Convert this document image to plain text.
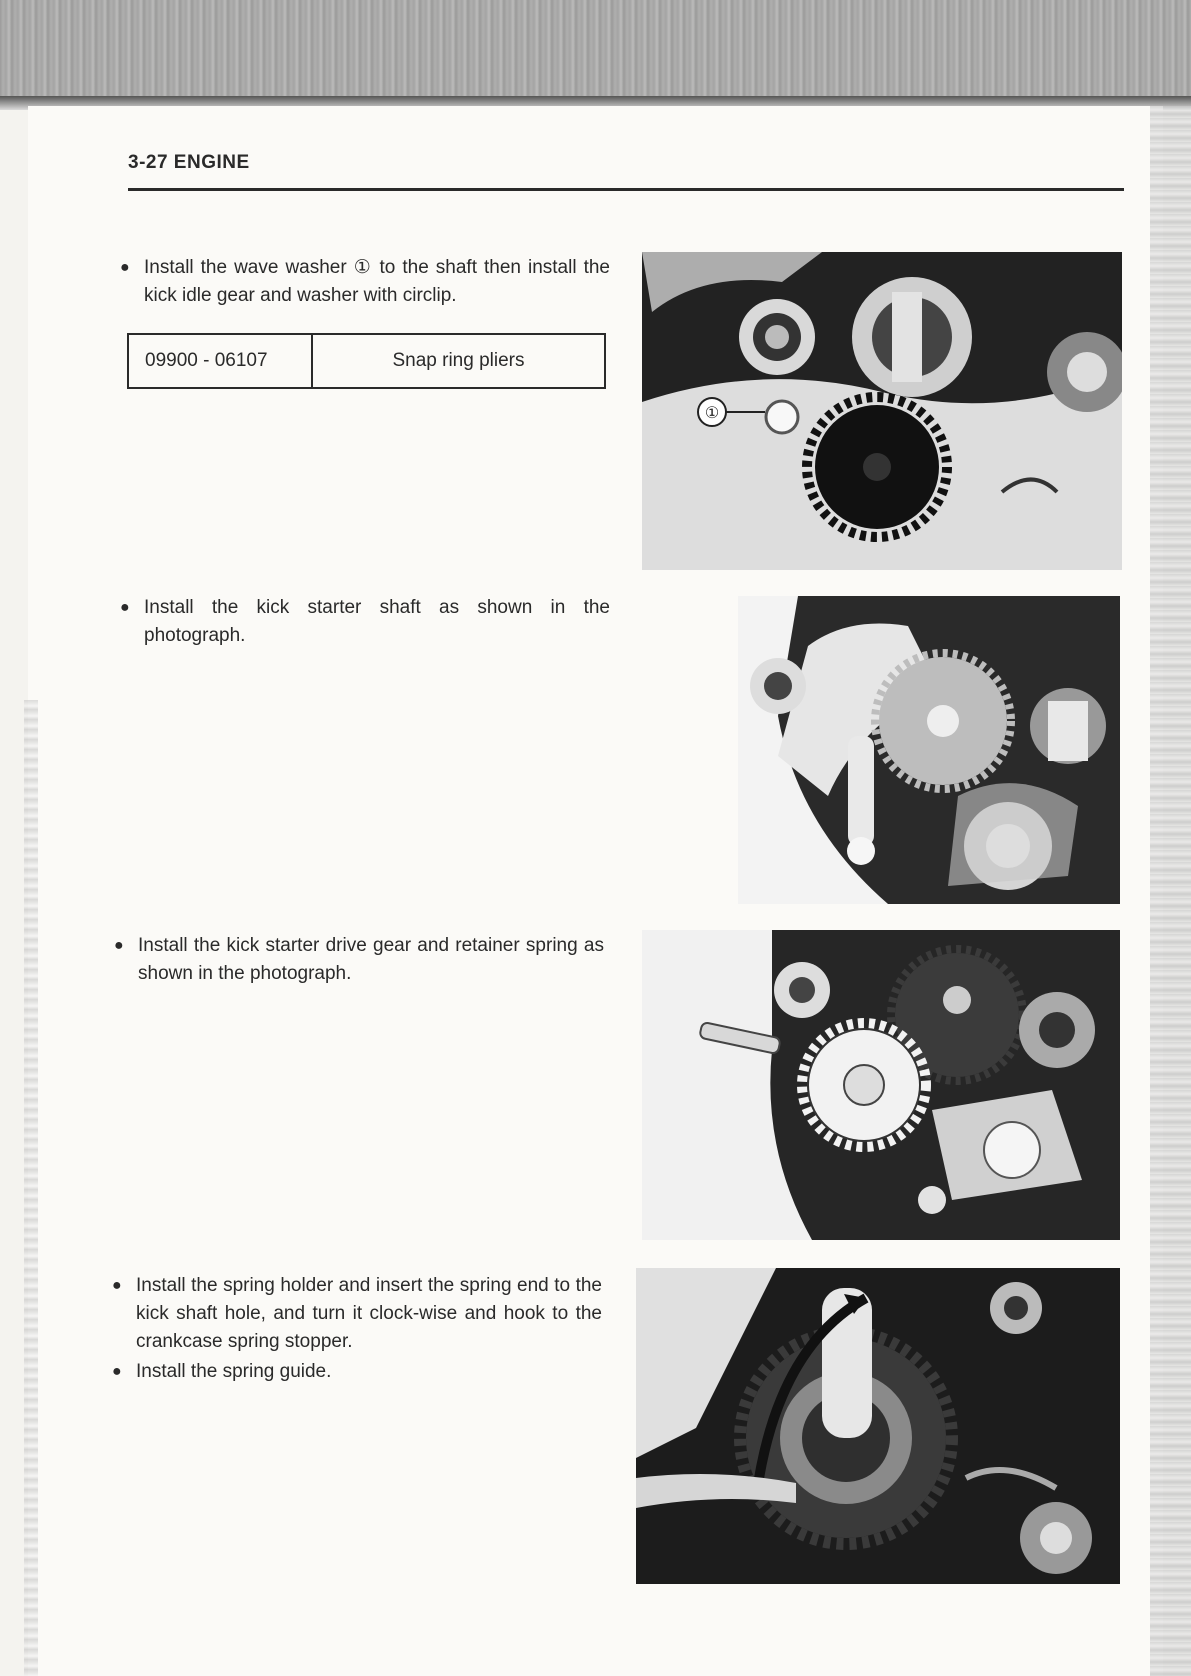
3-27 ENGINE
● Install the wave washer ① to the shaft then install the kick idle gear and washer with circlip.
09900 - 06107	Snap ring pliers
● Install the kick starter shaft as shown in the photograph.
● Install the kick starter drive gear and retainer spring as shown in the photograph.
● Install the spring holder and insert the spring end to the kick shaft hole, and turn it clock-wise and hook to the crankcase spring stopper.
● Install the spring guide.
①
